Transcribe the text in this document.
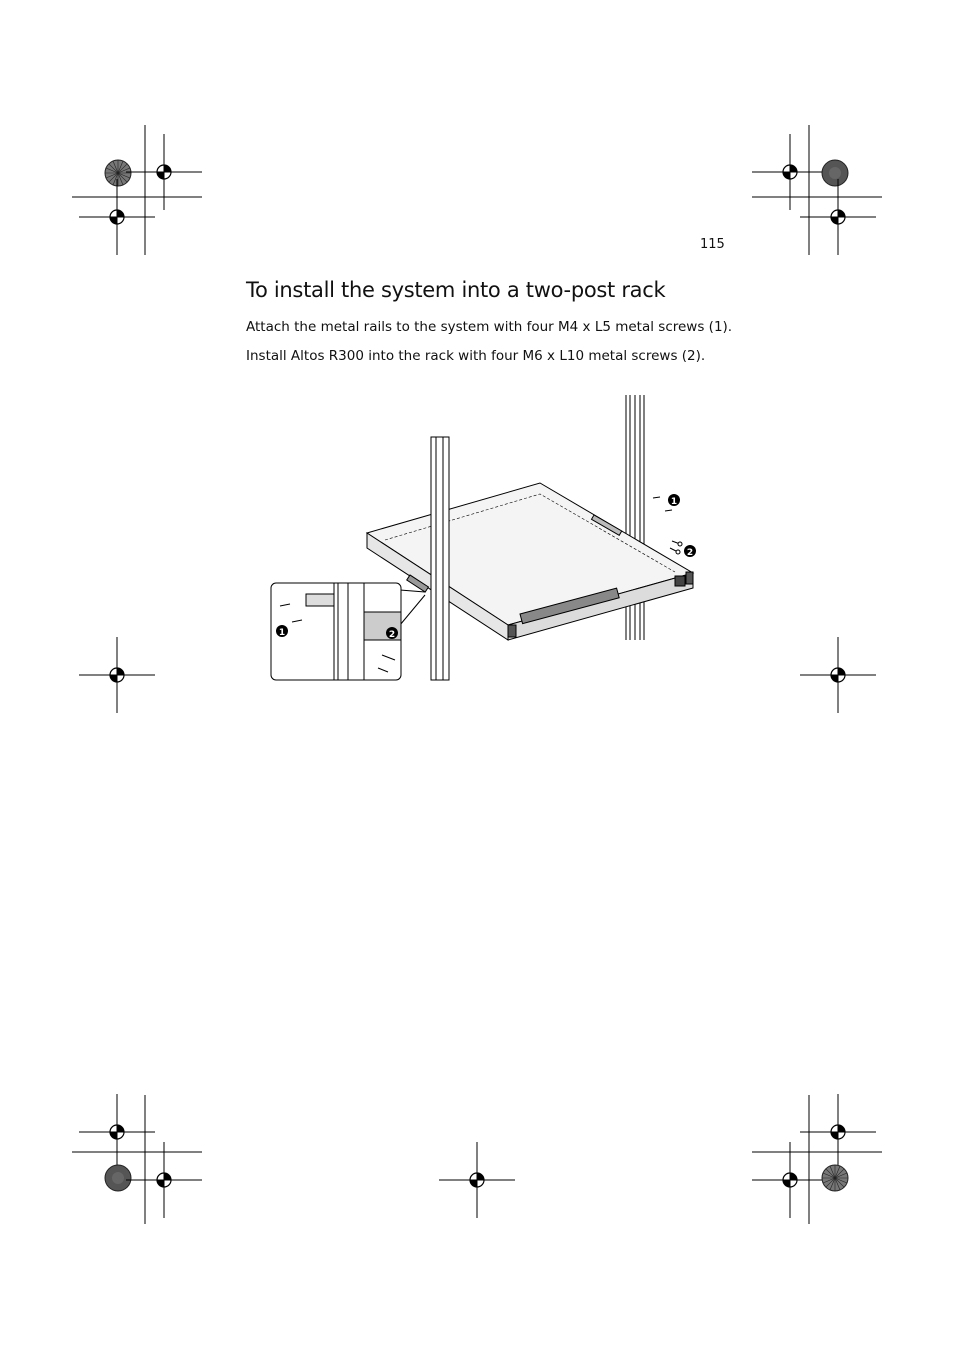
115
To install the system into a two-post rack

Attach the metal rails to the system with four M4 x L5 metal screws (1).

Install Altos R300 into the rack with four M6 x L10 metal screws (2).

1
2
1	2
